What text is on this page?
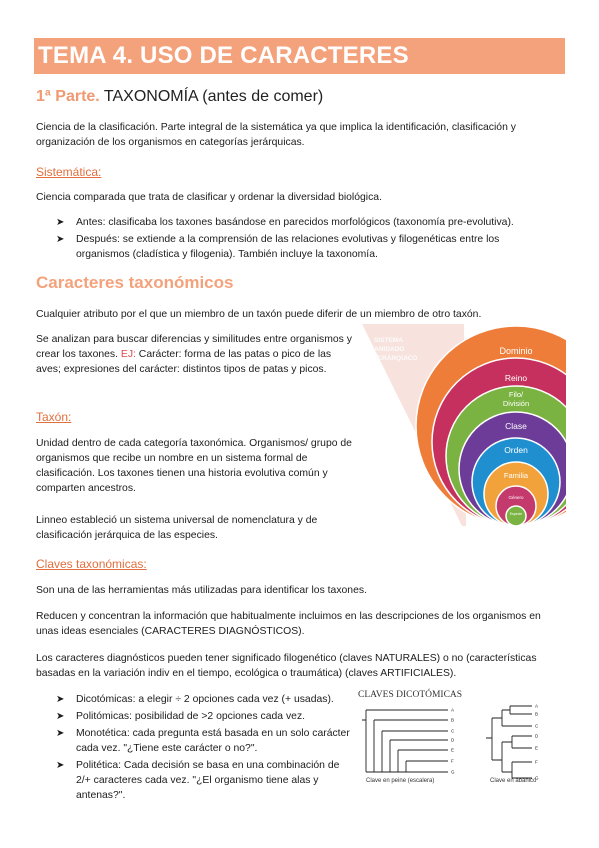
TEMA 4. USO DE CARACTERES
1ª Parte. TAXONOMÍA (antes de comer)

Ciencia de la clasificación. Parte integral de la sistemática ya que implica la identificación, clasificación y organización de los organismos en categorías jerárquicas.

Sistemática:

Ciencia comparada que trata de clasificar y ordenar la diversidad biológica.

➤ Antes: clasificaba los taxones basándose en parecidos morfológicos (taxonomía pre-evolutiva).
➤ Después: se extiende a la comprensión de las relaciones evolutivas y filogenéticas entre los organismos (cladística y filogenia). También incluye la taxonomía.
Caracteres taxonómicos

Cualquier atributo por el que un miembro de un taxón puede diferir de un miembro de otro taxón.

Se analizan para buscar diferencias y similitudes entre organismos y crear los taxones. EJ: Carácter: forma de las patas o pico de las aves; expresiones del carácter: distintos tipos de patas y picos.

Taxón:

Unidad dentro de cada categoría taxonómica. Organismos/ grupo de organismos que recibe un nombre en un sistema formal de clasificación. Los taxones tienen una historia evolutiva común y comparten ancestros.

Linneo estableció un sistema universal de nomenclatura y de clasificación jerárquica de las especies.

SISTEMA
ANIDADO
JERÁRQUICO
Dominio
Reino
Filo/
División
Clase
Orden
Familia
Género
Especie
Claves taxonómicas:

Son una de las herramientas más utilizadas para identificar los taxones.

Reducen y concentran la información que habitualmente incluimos en las descripciones de los organismos en unas ideas esenciales (CARACTERES DIAGNÓSTICOS).

Los caracteres diagnósticos pueden tener significado filogenético (claves NATURALES) o no (características basadas en la variación indiv en el tiempo, ecológica o traumática) (claves ARTIFICIALES).

➤ Dicotómicas: a elegir ÷ 2 opciones cada vez (+ usadas).
➤ Politómicas: posibilidad de >2 opciones cada vez.
➤ Monotética: cada pregunta está basada en un solo carácter cada vez. "¿Tiene este carácter o no?".
➤ Politética: Cada decisión se basa en una combinación de 2/+ caracteres cada vez. "¿El organismo tiene alas y antenas?".
CLAVES DICOTÓMICAS
A
B
C
D
E
F
G
A
B
C
D
E
F
G
Clave en peine (escalera)	Clave en abanico
